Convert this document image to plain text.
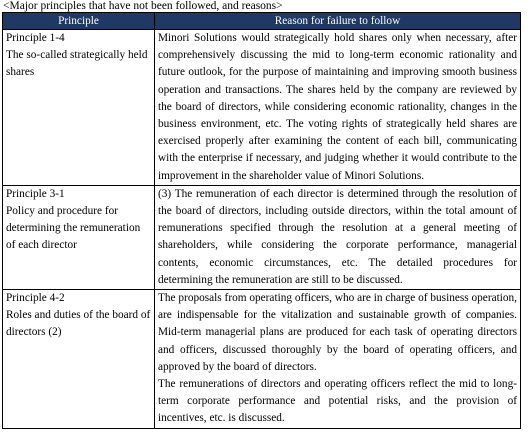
<Major principles that have not been followed, and reasons>
Principle	Reason for failure to follow

Principle 1-4
The so-called strategically held shares	Minori Solutions would strategically hold shares only when necessary, after comprehensively discussing the mid to long-term economic rationality and future outlook, for the purpose of maintaining and improving smooth business operation and transactions. The shares held by the company are reviewed by the board of directors, while considering economic rationality, changes in the business environment, etc. The voting rights of strategically held shares are exercised properly after examining the content of each bill, communicating with the enterprise if necessary, and judging whether it would contribute to the improvement in the shareholder value of Minori Solutions.

Principle 3-1
Policy and procedure for determining the remuneration of each director	(3) The remuneration of each director is determined through the resolution of the board of directors, including outside directors, within the total amount of remunerations specified through the resolution at a general meeting of shareholders, while considering the corporate performance, managerial contents, economic circumstances, etc. The detailed procedures for determining the remuneration are still to be discussed.

Principle 4-2
Roles and duties of the board of directors (2)	The proposals from operating officers, who are in charge of business operation, are indispensable for the vitalization and sustainable growth of companies. Mid-term managerial plans are produced for each task of operating directors and officers, discussed thoroughly by the board of operating officers, and approved by the board of directors.
The remunerations of directors and operating officers reflect the mid to long-term corporate performance and potential risks, and the provision of incentives, etc. is discussed.
